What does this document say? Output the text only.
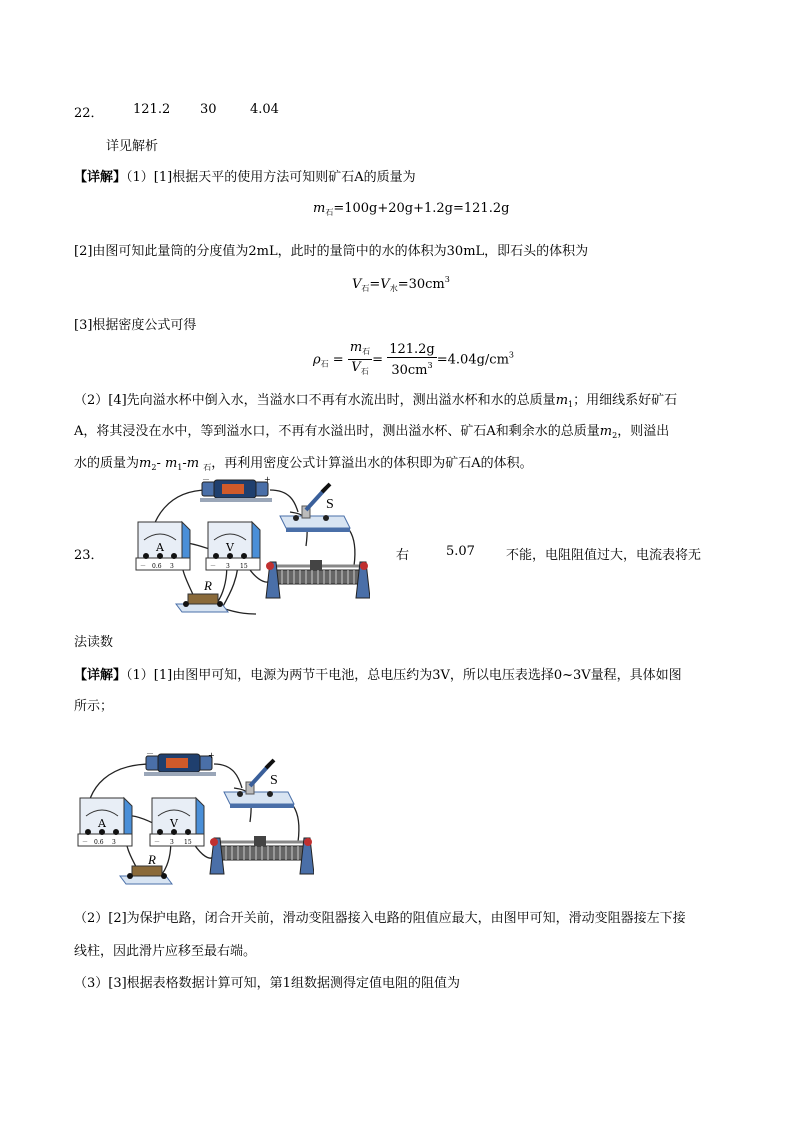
22． 121.2 30	4.04
详见解析
【详解】（1）[1]根据天平的使用方法可知则矿石A的质量为
$m_石=100g+20g+1.2g=121.2g$
[2]由图可知此量筒的分度值为2mL，此时的量筒中的水的体积为30mL，即石头的体积为
$V_石=V_水=30cm^3$
[3]根据密度公式可得
$\rho_石 = \frac{m_石}{V_石} = \frac{121.2g}{30cm^3} =4.04g/cm^3$
（2）[4]先向溢水杯中倒入水，当溢水口不再有水流出时，测出溢水杯和水的总质量$m_1$；用细线系好矿石
A，将其浸没在水中，等到溢水口，不再有水溢出时，测出溢水杯、矿石A和剩余水的总质量$m_2$，则溢出
水的质量为$m_2-$ $m_1-m$ $_石$，再利用密度公式计算溢出水的体积即为矿石A的体积。
23．
－	+
S
A
－ 0.6 3
V
－ 3 15
R
右	5.07 不能，电阻阻值过大，电流表将无
法读数
【详解】（1）[1]由图甲可知，电源为两节干电池，总电压约为3V，所以电压表选择0~3V量程，具体如图
所示；
－	+
S
A
－ 0.6 3
V
－ 3 15
R
（2）[2]为保护电路，闭合开关前，滑动变阻器接入电路的阻值应最大，由图甲可知，滑动变阻器接左下接
线柱，因此滑片应移至最右端。
（3）[3]根据表格数据计算可知，第1组数据测得定值电阻的阻值为
